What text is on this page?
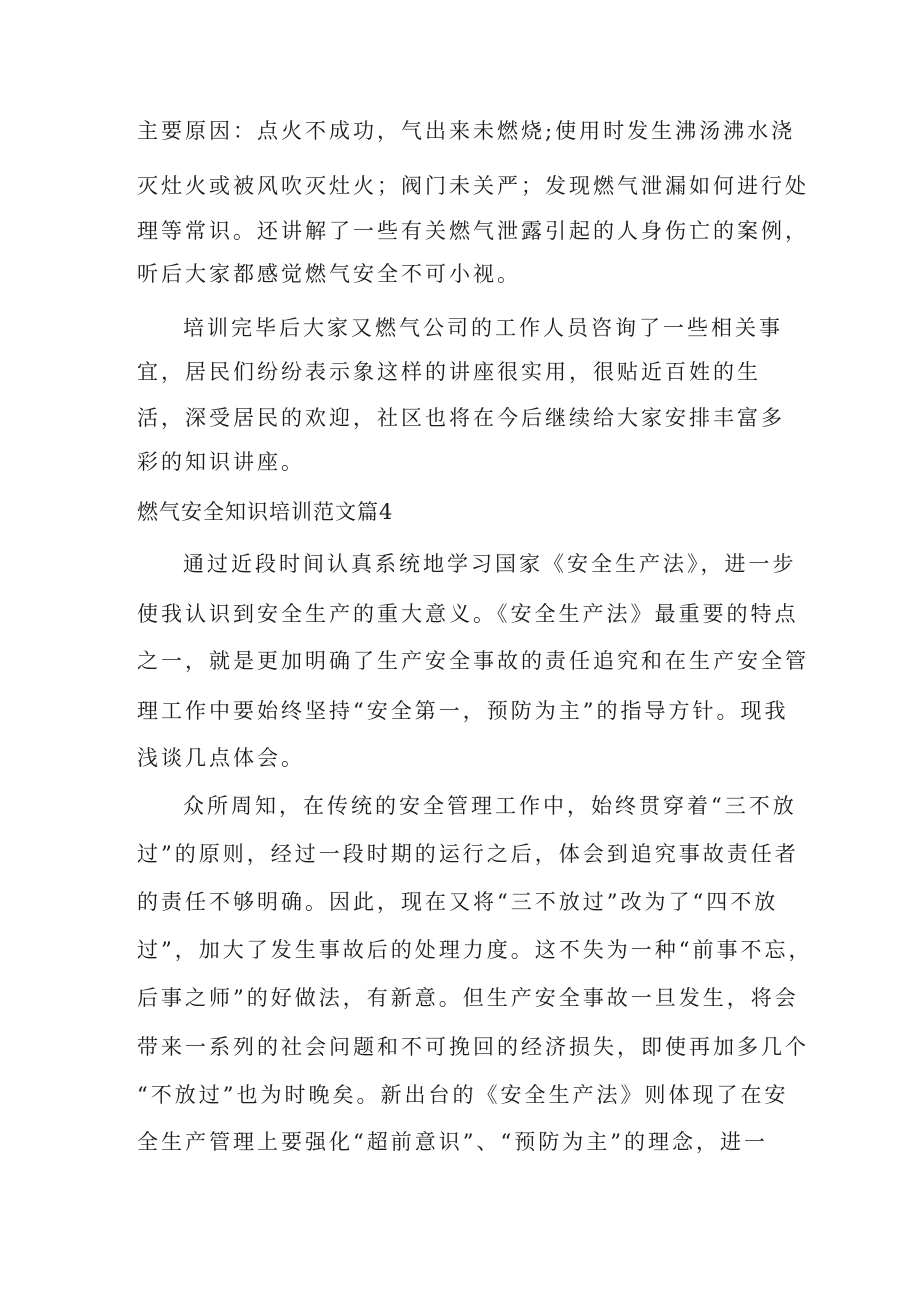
主要原因：点火不成功，气出来未燃烧;使用时发生沸汤沸水浇
灭灶火或被风吹灭灶火；阀门未关严；发现燃气泄漏如何进行处
理等常识。还讲解了一些有关燃气泄露引起的人身伤亡的案例，
听后大家都感觉燃气安全不可小视。
培训完毕后大家又燃气公司的工作人员咨询了一些相关事
宜，居民们纷纷表示象这样的讲座很实用，很贴近百姓的生
活，深受居民的欢迎，社区也将在今后继续给大家安排丰富多
彩的知识讲座。
燃气安全知识培训范文篇4
通过近段时间认真系统地学习国家《安全生产法》，进一步
使我认识到安全生产的重大意义。《安全生产法》最重要的特点
之一，就是更加明确了生产安全事故的责任追究和在生产安全管
理工作中要始终坚持“安全第一，预防为主”的指导方针。现我
浅谈几点体会。
众所周知，在传统的安全管理工作中，始终贯穿着“三不放
过”的原则，经过一段时期的运行之后，体会到追究事故责任者
的责任不够明确。因此，现在又将“三不放过”改为了“四不放
过”，加大了发生事故后的处理力度。这不失为一种“前事不忘，
后事之师”的好做法，有新意。但生产安全事故一旦发生，将会
带来一系列的社会问题和不可挽回的经济损失，即使再加多几个
“不放过”也为时晚矣。新出台的《安全生产法》则体现了在安
全生产管理上要强化“超前意识”、“预防为主”的理念，进一
